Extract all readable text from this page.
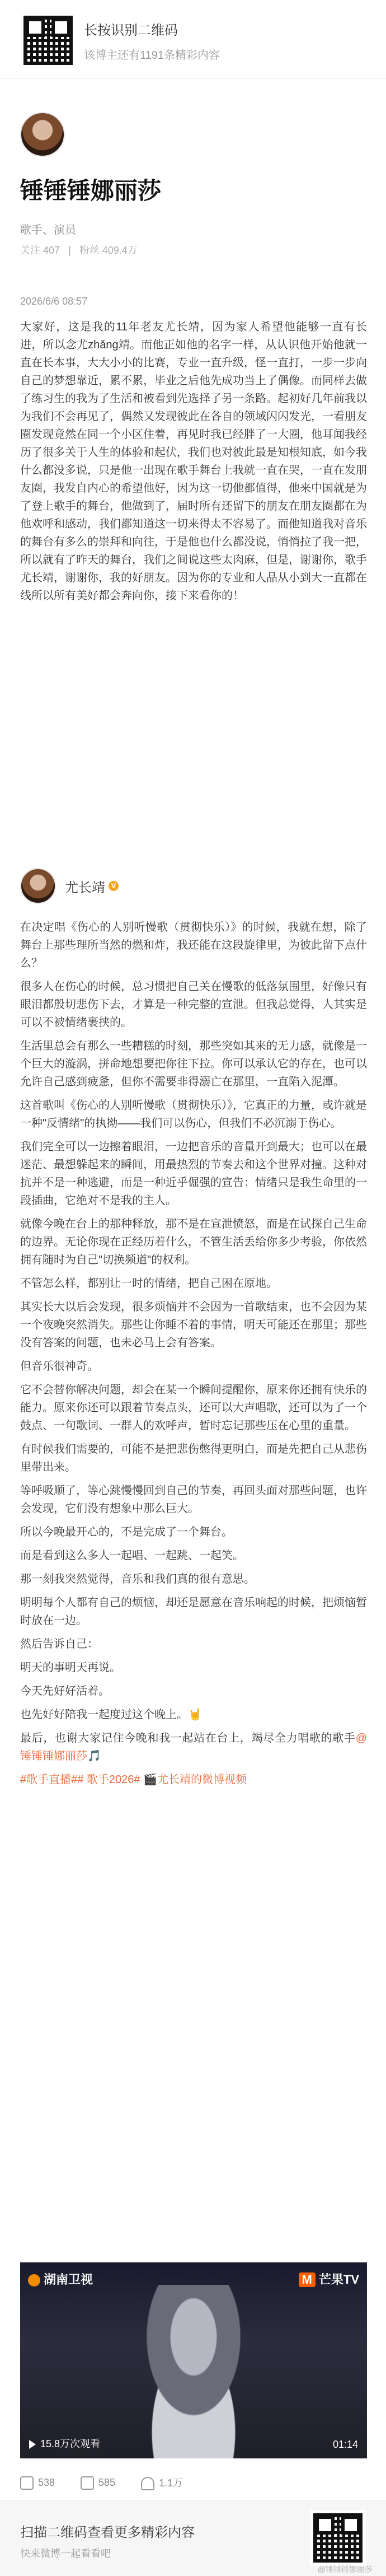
长按识别二维码
该博主还有1191条精彩内容
锤锤锤娜丽莎
歌手、演员
关注 407 | 粉丝 409.4万
2026/6/6 08:57
大家好，这是我的11年老友尤长靖，因为家人希望他能够一直有长进，所以念尤zhǎng靖。而他正如他的名字一样，从认识他开始他就一直在长本事，大大小小的比赛，专业一直升级，怪一直打，一步一步向自己的梦想靠近，累不累，毕业之后他先成功当上了偶像。而同样去做了练习生的我为了生活和被看到先选择了另一条路。起初好几年前我以为我们不会再见了，偶然又发现彼此在各自的领域闪闪发光，一看朋友圈发现竟然在同一个小区住着，再见时我已经胖了一大圈，他耳闻我经历了很多关于人生的体验和起伏，我们也对彼此最是知根知底，如今我什么都没多说，只是他一出现在歌手舞台上我就一直在哭，一直在发朋友圈，我发自内心的希望他好，因为这一切他都值得，他来中国就是为了登上歌手的舞台，他做到了，届时所有还留下的朋友在朋友圈都在为他欢呼和感动，我们都知道这一切来得太不容易了。而他知道我对音乐的舞台有多么的崇拜和向往，于是他也什么都没说，悄悄拉了我一把，所以就有了昨天的舞台，我们之间说这些太肉麻，但是，谢谢你，歌手尤长靖，谢谢你，我的好朋友。因为你的专业和人品从小到大一直都在线所以所有美好都会奔向你，接下来看你的！
尤长靖 V

在决定唱《伤心的人别听慢歌（贯彻快乐）》的时候，我就在想，除了舞台上那些理所当然的燃和炸，我还能在这段旋律里，为彼此留下点什么？

很多人在伤心的时候，总习惯把自己关在慢歌的低落氛围里，好像只有眼泪都殷切悲伤下去，才算是一种完整的宣泄。但我总觉得，人其实是可以不被情绪裹挟的。

生活里总会有那么一些糟糕的时刻，那些突如其来的无力感，就像是一个巨大的漩涡，拼命地想要把你往下拉。你可以承认它的存在，也可以允许自己感到疲惫，但你不需要非得溺亡在那里，一直陷入泥潭。

这首歌叫《伤心的人别听慢歌（贯彻快乐）》，它真正的力量，或许就是一种"反情绪"的执拗——我们可以伤心，但我们不必沉溺于伤心。

我们完全可以一边擦着眼泪，一边把音乐的音量开到最大；也可以在最迷茫、最想躲起来的瞬间，用最热烈的节奏去和这个世界对撞。这种对抗并不是一种逃避，而是一种近乎倔强的宣告：情绪只是我生命里的一段插曲，它绝对不是我的主人。

就像今晚在台上的那种释放，那不是在宣泄愤怒，而是在试探自己生命的边界。无论你现在正经历着什么，不管生活丢给你多少考验，你依然拥有随时为自己"切换频道"的权利。

不管怎么样，都别让一时的情绪，把自己困在原地。

其实长大以后会发现，很多烦恼并不会因为一首歌结束，也不会因为某一个夜晚突然消失。那些让你睡不着的事情，明天可能还在那里；那些没有答案的问题，也未必马上会有答案。

但音乐很神奇。

它不会替你解决问题，却会在某一个瞬间提醒你，原来你还拥有快乐的能力。原来你还可以跟着节奏点头，还可以大声唱歌，还可以为了一个鼓点、一句歌词、一群人的欢呼声，暂时忘记那些压在心里的重量。

有时候我们需要的，可能不是把悲伤憋得更明白，而是先把自己从悲伤里带出来。

等呼吸顺了，等心跳慢慢回到自己的节奏，再回头面对那些问题，也许会发现，它们没有想象中那么巨大。

所以今晚最开心的，不是完成了一个舞台。

而是看到这么多人一起唱、一起跳、一起笑。

那一刻我突然觉得，音乐和我们真的很有意思。

明明每个人都有自己的烦恼，却还是愿意在音乐响起的时候，把烦恼暂时放在一边。

然后告诉自己：

明天的事明天再说。

今天先好好活着。

也先好好陪我一起度过这个晚上。🤘

最后，也谢大家记住今晚和我一起站在台上，竭尽全力唱歌的歌手@锤锤锤娜丽莎🎵

#歌手直播## 歌手2026# 🎬尤长靖的微博视频

湖南卫视	M 芒果TV
15.8万次观看	01:14
538	585	1.1万
扫描二维码查看更多精彩内容
快来微博一起看看吧
@锤锤锤娜丽莎
